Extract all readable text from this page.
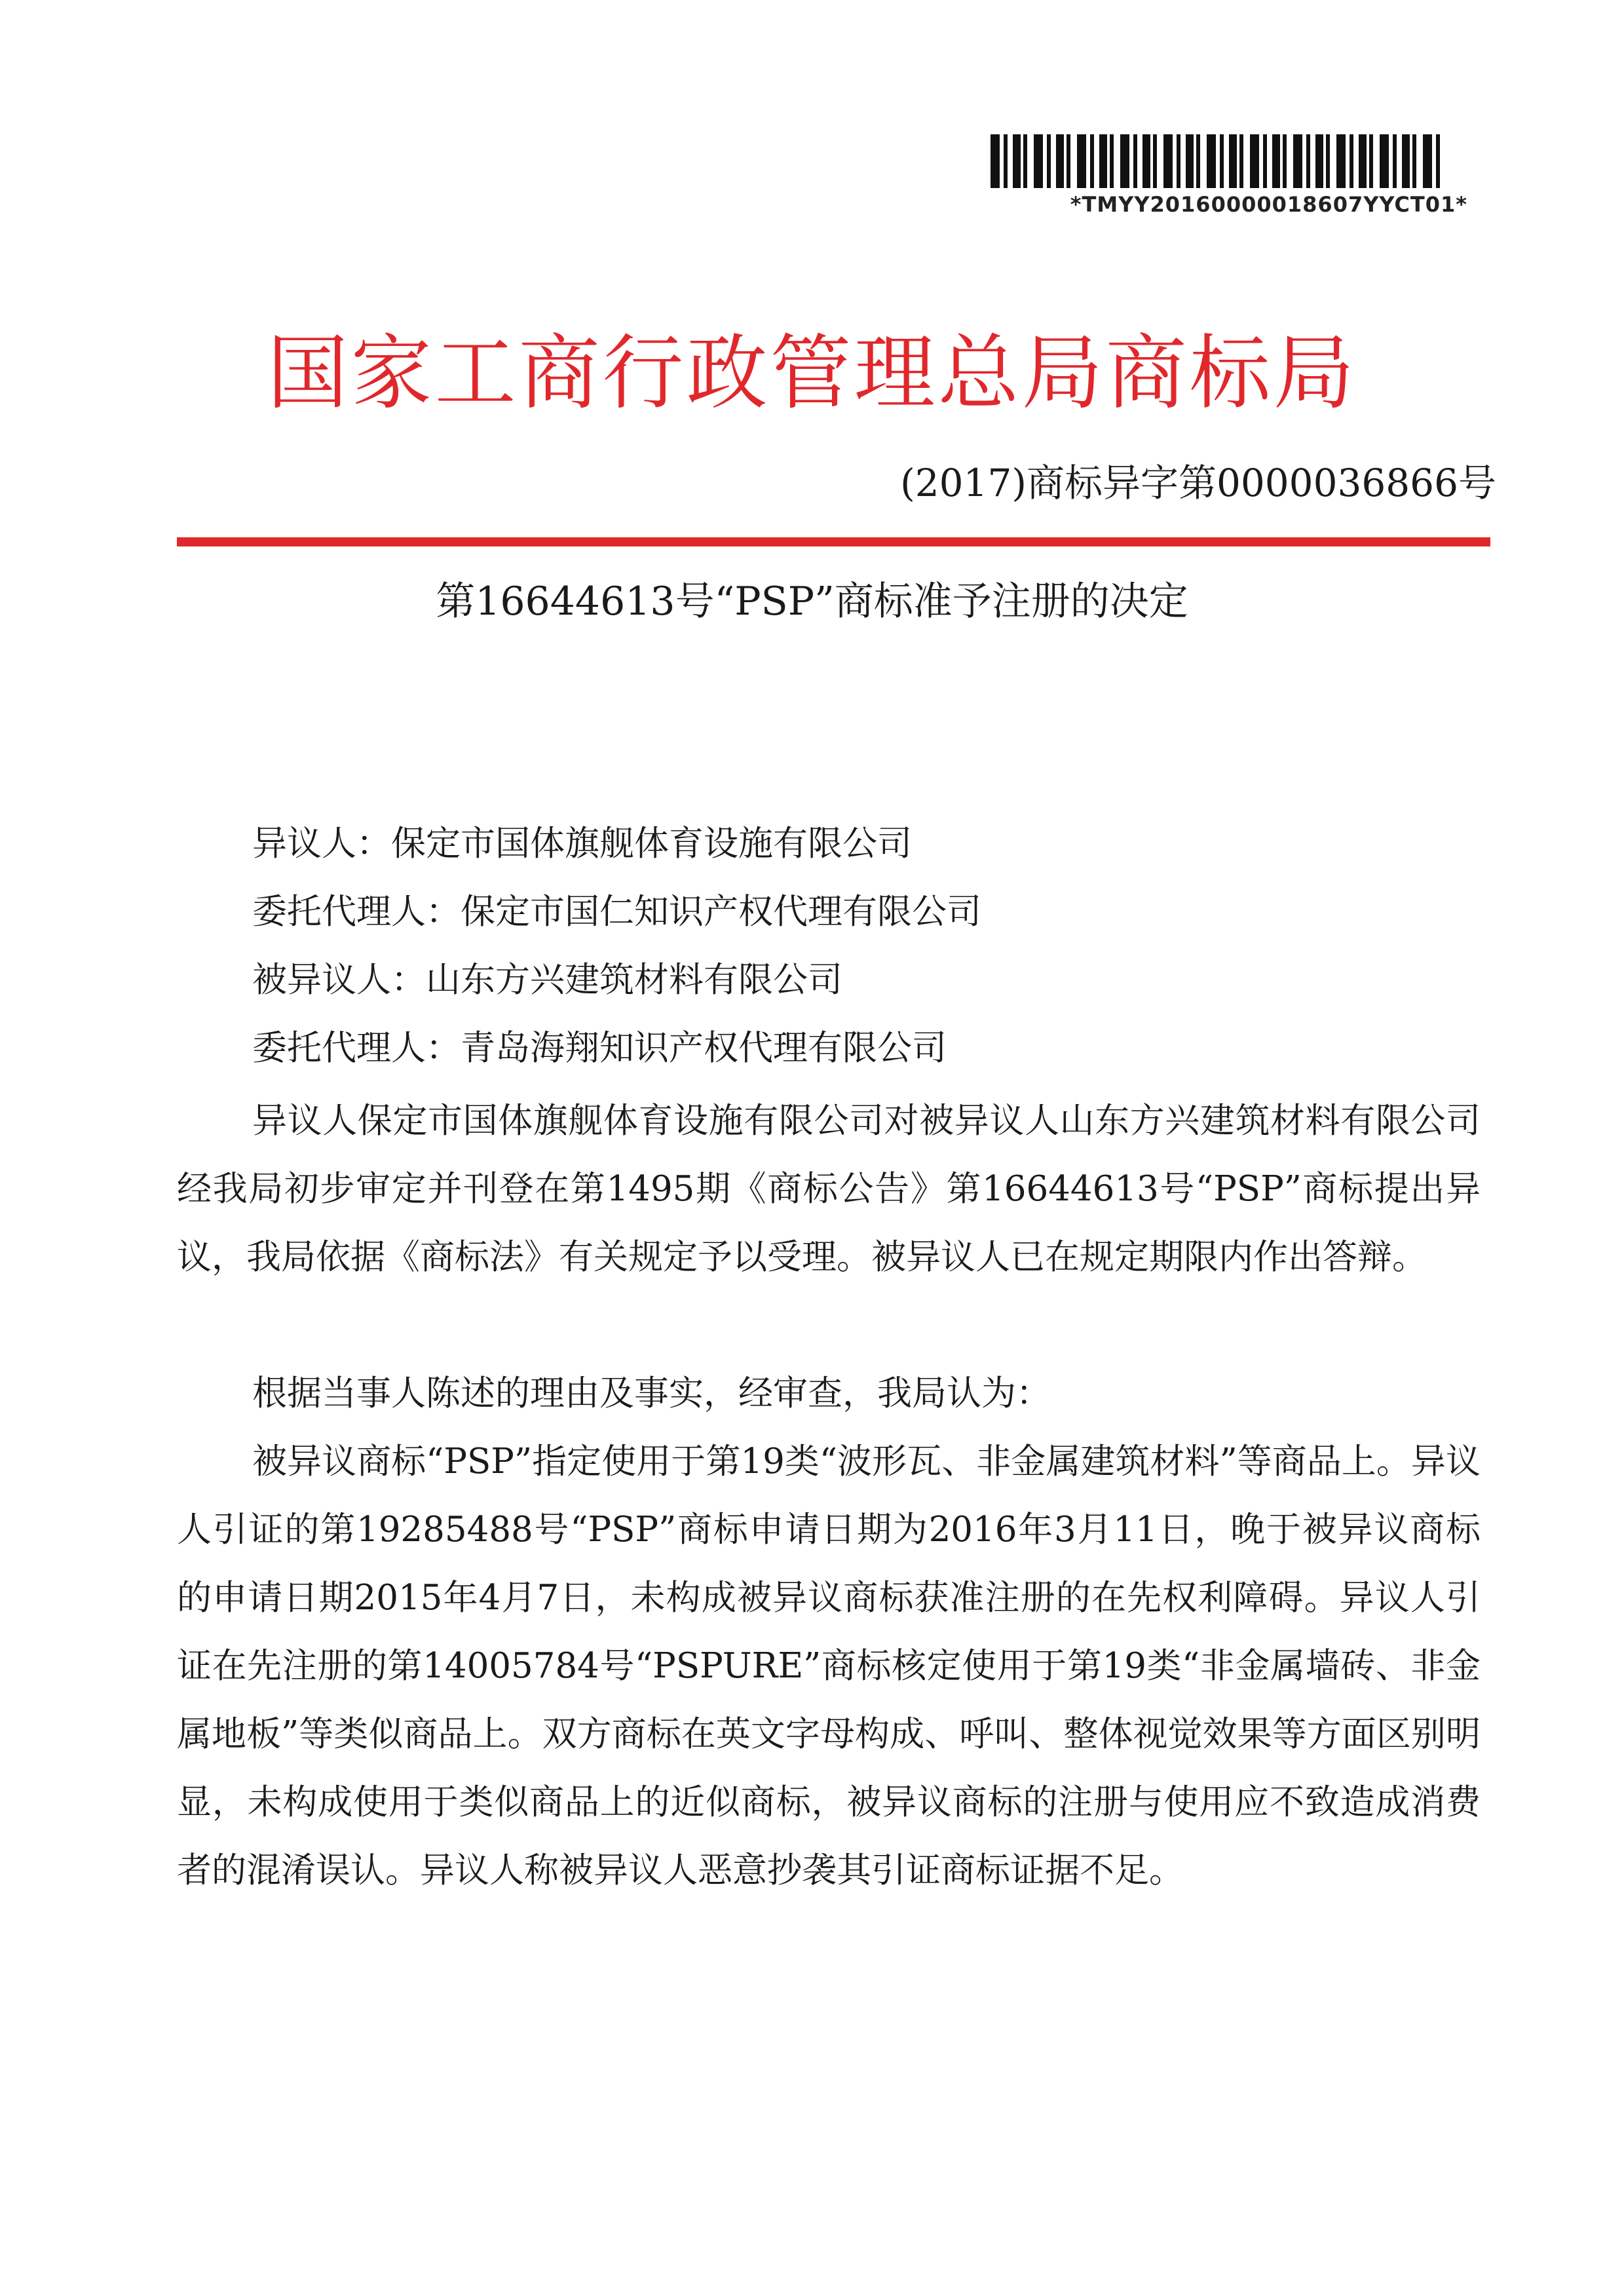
*TMYY20160000018607YYCT01*
国家工商行政管理总局商标局
(2017)商标异字第0000036866号
第16644613号“PSP”商标准予注册的决定
异议人：保定市国体旗舰体育设施有限公司
委托代理人：保定市国仁知识产权代理有限公司
被异议人：山东方兴建筑材料有限公司
委托代理人：青岛海翔知识产权代理有限公司

异议人保定市国体旗舰体育设施有限公司对被异议人山东方兴建筑材料有限公司经我局初步审定并刊登在第1495期《商标公告》第16644613号“PSP”商标提出异议，我局依据《商标法》有关规定予以受理。被异议人已在规定期限内作出答辩。

根据当事人陈述的理由及事实，经审查，我局认为：

被异议商标“PSP”指定使用于第19类“波形瓦、非金属建筑材料”等商品上。异议人引证的第19285488号“PSP”商标申请日期为2016年3月11日，晚于被异议商标的申请日期2015年4月7日，未构成被异议商标获准注册的在先权利障碍。异议人引证在先注册的第14005784号“PSPURE”商标核定使用于第19类“非金属墙砖、非金属地板”等类似商品上。双方商标在英文字母构成、呼叫、整体视觉效果等方面区别明显，未构成使用于类似商品上的近似商标，被异议商标的注册与使用应不致造成消费者的混淆误认。异议人称被异议人恶意抄袭其引证商标证据不足。
